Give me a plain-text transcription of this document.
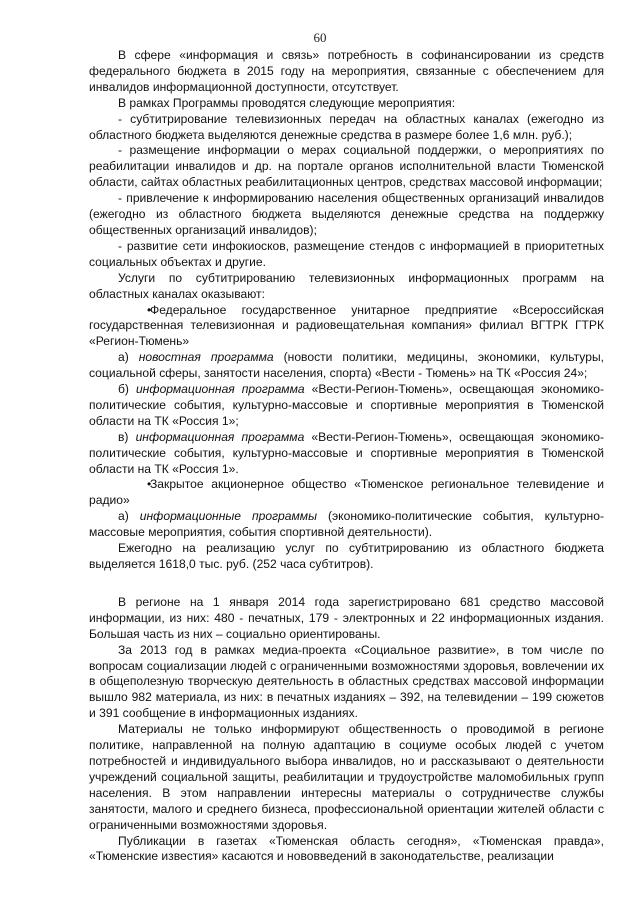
60

В сфере «информация и связь» потребность в софинансировании из средств федерального бюджета в 2015 году на мероприятия, связанные с обеспечением для инвалидов информационной доступности, отсутствует.

В рамках Программы проводятся следующие мероприятия:

- субтитрирование телевизионных передач на областных каналах (ежегодно из областного бюджета выделяются денежные средства в размере более 1,6 млн. руб.);

- размещение информации о мерах социальной поддержки, о мероприятиях по реабилитации инвалидов и др. на портале органов исполнительной власти Тюменской области, сайтах областных реабилитационных центров, средствах массовой информации;

- привлечение к информированию населения общественных организаций инвалидов (ежегодно из областного бюджета выделяются денежные средства на поддержку общественных организаций инвалидов);

- развитие сети инфокиосков, размещение стендов с информацией в приоритетных социальных объектах и другие.

Услуги по субтитрированию телевизионных информационных программ на областных каналах оказывают:

•Федеральное государственное унитарное предприятие «Всероссийская государственная телевизионная и радиовещательная компания» филиал ВГТРК ГТРК «Регион-Тюмень»

а) новостная программа (новости политики, медицины, экономики, культуры, социальной сферы, занятости населения, спорта) «Вести - Тюмень» на ТК «Россия 24»;

б) информационная программа «Вести-Регион-Тюмень», освещающая экономико-политические события, культурно-массовые и спортивные мероприятия в Тюменской области на ТК «Россия 1»;

в) информационная программа «Вести-Регион-Тюмень», освещающая экономико-политические события, культурно-массовые и спортивные мероприятия в Тюменской области на ТК «Россия 1».

•Закрытое акционерное общество «Тюменское региональное телевидение и радио»

а) информационные программы (экономико-политические события, культурно-массовые мероприятия, события спортивной деятельности).

Ежегодно на реализацию услуг по субтитрированию из областного бюджета выделяется 1618,0 тыс. руб. (252 часа субтитров).

В регионе на 1 января 2014 года зарегистрировано 681 средство массовой информации, из них: 480 - печатных, 179 - электронных и 22 информационных издания. Большая часть из них – социально ориентированы.

За 2013 год в рамках медиа-проекта «Социальное развитие», в том числе по вопросам социализации людей с ограниченными возможностями здоровья, вовлечении их в общеполезную творческую деятельность в областных средствах массовой информации вышло 982 материала, из них: в печатных изданиях – 392, на телевидении – 199 сюжетов и 391 сообщение в информационных изданиях.

Материалы не только информируют общественность о проводимой в регионе политике, направленной на полную адаптацию в социуме особых людей с учетом потребностей и индивидуального выбора инвалидов, но и рассказывают о деятельности учреждений социальной защиты, реабилитации и трудоустройстве маломобильных групп населения. В этом направлении интересны материалы о сотрудничестве службы занятости, малого и среднего бизнеса, профессиональной ориентации жителей области с ограниченными возможностями здоровья.

Публикации в газетах «Тюменская область сегодня», «Тюменская правда», «Тюменские известия» касаются и нововведений в законодательстве, реализации
